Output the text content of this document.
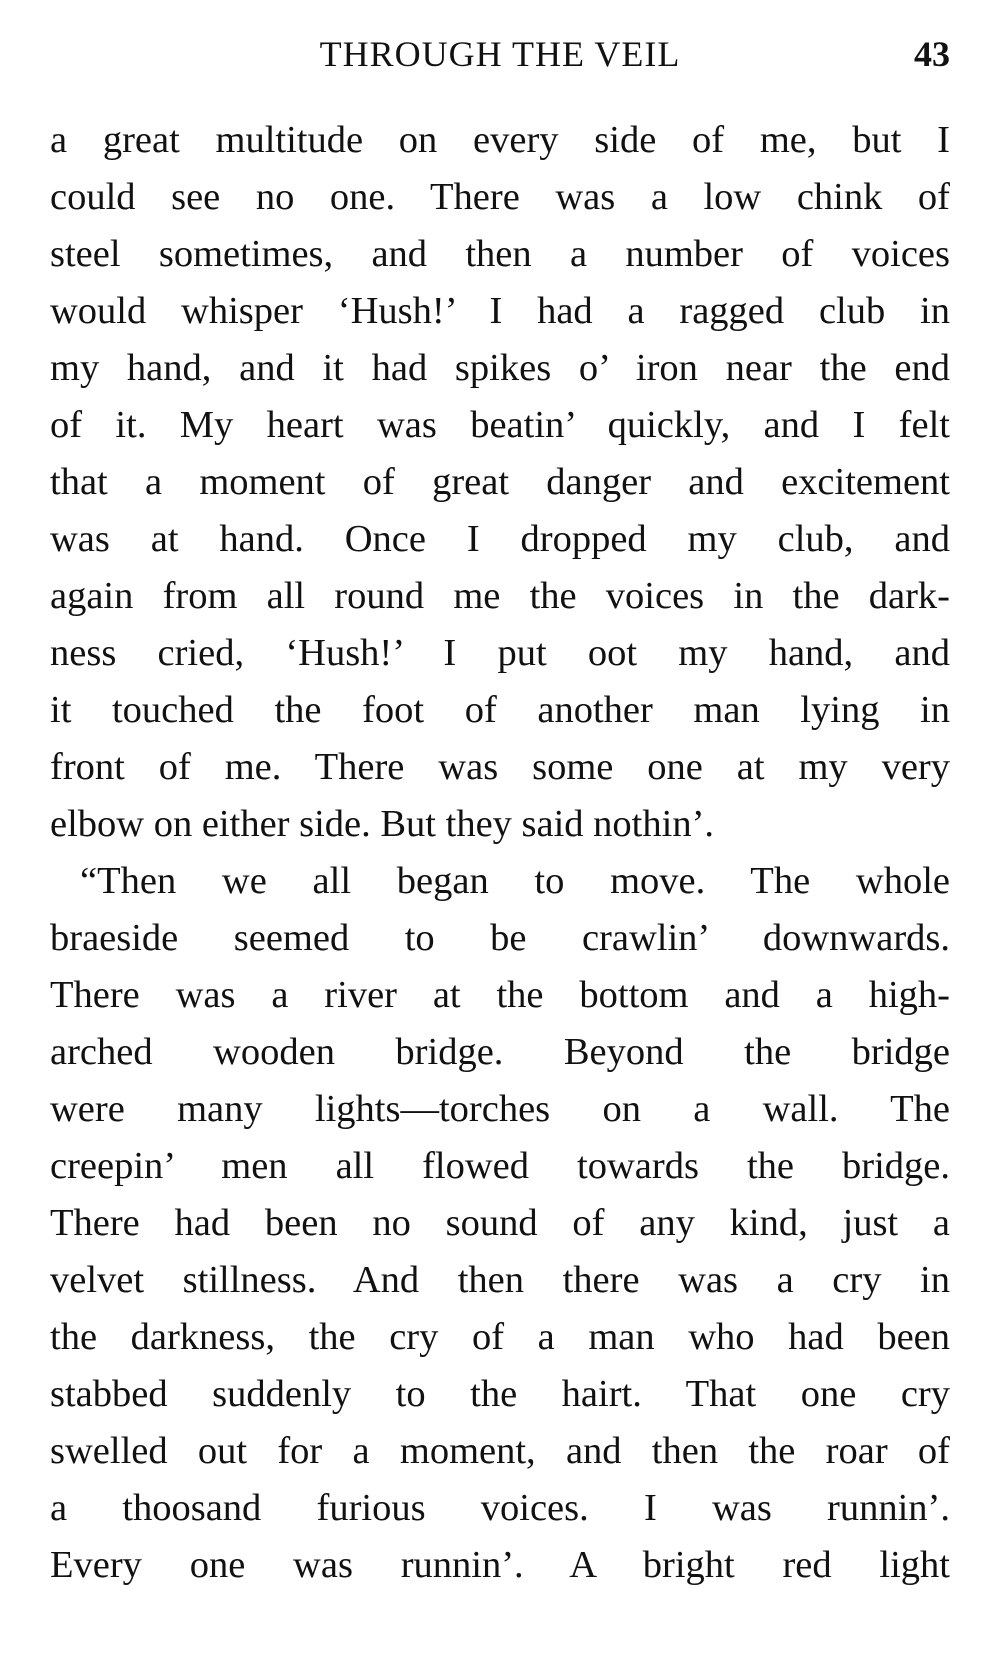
THROUGH THE VEIL	43
a great multitude on every side of me, but I
could see no one. There was a low chink of
steel sometimes, and then a number of voices
would whisper ‘Hush!’ I had a ragged club in
my hand, and it had spikes o’ iron near the end
of it. My heart was beatin’ quickly, and I felt
that a moment of great danger and excitement
was at hand. Once I dropped my club, and
again from all round me the voices in the dark-
ness cried, ‘Hush!’ I put oot my hand, and
it touched the foot of another man lying in
front of me. There was some one at my very
elbow on either side. But they said nothin’.
“Then we all began to move. The whole
braeside seemed to be crawlin’ downwards.
There was a river at the bottom and a high-
arched wooden bridge. Beyond the bridge
were many lights—torches on a wall. The
creepin’ men all flowed towards the bridge.
There had been no sound of any kind, just a
velvet stillness. And then there was a cry in
the darkness, the cry of a man who had been
stabbed suddenly to the hairt. That one cry
swelled out for a moment, and then the roar of
a thoosand furious voices. I was runnin’.
Every one was runnin’. A bright red light
